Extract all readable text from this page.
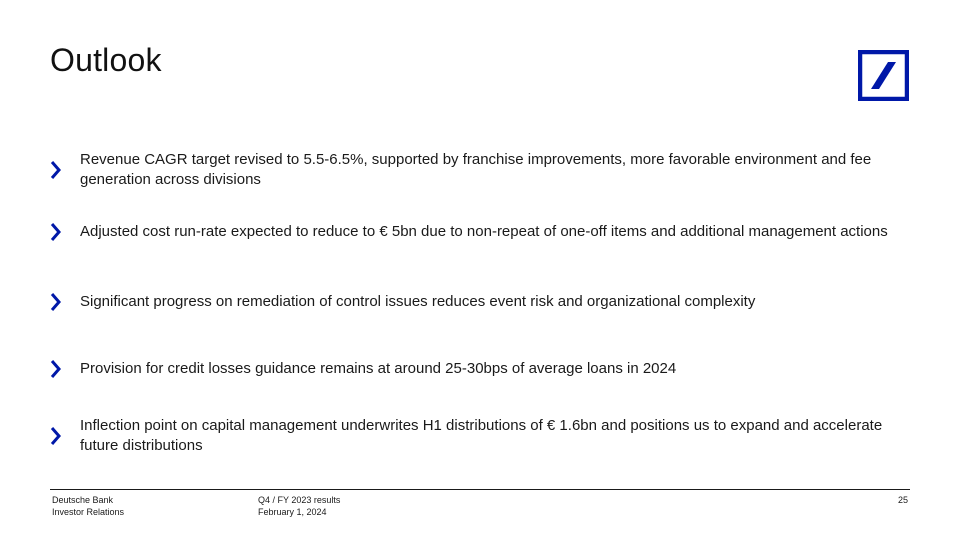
Outlook
Revenue CAGR target revised to 5.5-6.5%, supported by franchise improvements, more favorable environment and fee generation across divisions
Adjusted cost run-rate expected to reduce to € 5bn due to non-repeat of one-off items and additional management actions
Significant progress on remediation of control issues reduces event risk and organizational complexity
Provision for credit losses guidance remains at around 25-30bps of average loans in 2024
Inflection point on capital management underwrites H1 distributions of € 1.6bn and positions us to expand and accelerate future distributions
Deutsche Bank
Investor Relations
Q4 / FY 2023 results
February 1, 2024
25
